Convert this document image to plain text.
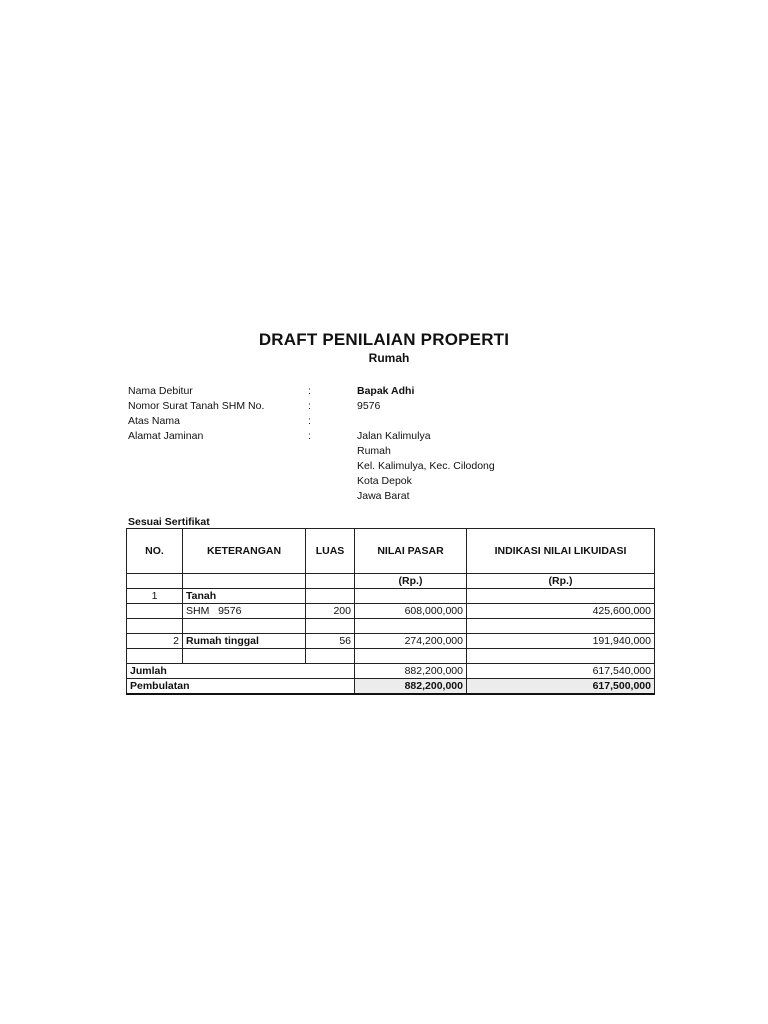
DRAFT PENILAIAN PROPERTI
Rumah
Nama Debitur	:	Bapak Adhi
Nomor Surat Tanah SHM No.	:	9576
Atas Nama	:
Alamat Jaminan	:	Jalan Kalimulya
Rumah
Kel. Kalimulya, Kec. Cilodong
Kota Depok
Jawa Barat
Sesuai Sertifikat
NO.	KETERANGAN	LUAS	NILAI PASAR	INDIKASI NILAI LIKUIDASI
			(Rp.)	(Rp.)
1	Tanah			
	SHM   9576	200	608,000,000	425,600,000

2	Rumah tinggal	56	274,200,000	191,940,000

Jumlah			882,200,000	617,540,000
Pembulatan			882,200,000	617,500,000
